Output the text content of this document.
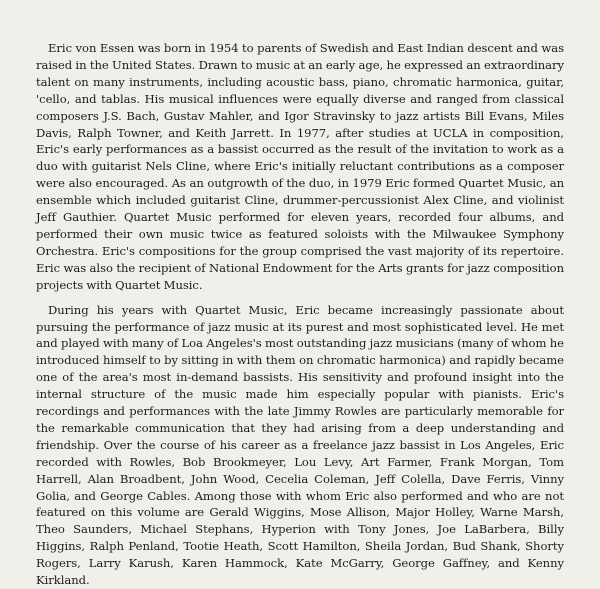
Eric von Essen was born in 1954 to parents of Swedish and East Indian descent and was raised in the United States. Drawn to music at an early age, he expressed an extraordinary talent on many instruments, including acoustic bass, piano, chromatic harmonica, guitar, 'cello, and tablas. His musical influences were equally diverse and ranged from classical composers J.S. Bach, Gustav Mahler, and Igor Stravinsky to jazz artists Bill Evans, Miles Davis, Ralph Towner, and Keith Jarrett. In 1977, after studies at UCLA in composition, Eric's early performances as a bassist occurred as the result of the invitation to work as a duo with guitarist Nels Cline, where Eric's initially reluctant contributions as a composer were also encouraged. As an outgrowth of the duo, in 1979 Eric formed Quartet Music, an ensemble which included guitarist Cline, drummer-percussionist Alex Cline, and violinist Jeff Gauthier. Quartet Music performed for eleven years, recorded four albums, and performed their own music twice as featured soloists with the Milwaukee Symphony Orchestra. Eric's compositions for the group comprised the vast majority of its repertoire. Eric was also the recipient of National Endowment for the Arts grants for jazz composition projects with Quartet Music.

During his years with Quartet Music, Eric became increasingly passionate about pursuing the performance of jazz music at its purest and most sophisticated level. He met and played with many of Loa Angeles's most outstanding jazz musicians (many of whom he introduced himself to by sitting in with them on chromatic harmonica) and rapidly became one of the area's most in-demand bassists. His sensitivity and profound insight into the internal structure of the music made him especially popular with pianists. Eric's recordings and performances with the late Jimmy Rowles are particularly memorable for the remarkable communication that they had arising from a deep understanding and friendship. Over the course of his career as a freelance jazz bassist in Los Angeles, Eric recorded with Rowles, Bob Brookmeyer, Lou Levy, Art Farmer, Frank Morgan, Tom Harrell, Alan Broadbent, John Wood, Cecelia Coleman, Jeff Colella, Dave Ferris, Vinny Golia, and George Cables. Among those with whom Eric also performed and who are not featured on this volume are Gerald Wiggins, Mose Allison, Major Holley, Warne Marsh, Theo Saunders, Michael Stephans, Hyperion with Tony Jones, Joe LaBarbera, Billy Higgins, Ralph Penland, Tootie Heath, Scott Hamilton, Sheila Jordan, Bud Shank, Shorty Rogers, Larry Karush, Karen Hammock, Kate McGarry, George Gaffney, and Kenny Kirkland.
